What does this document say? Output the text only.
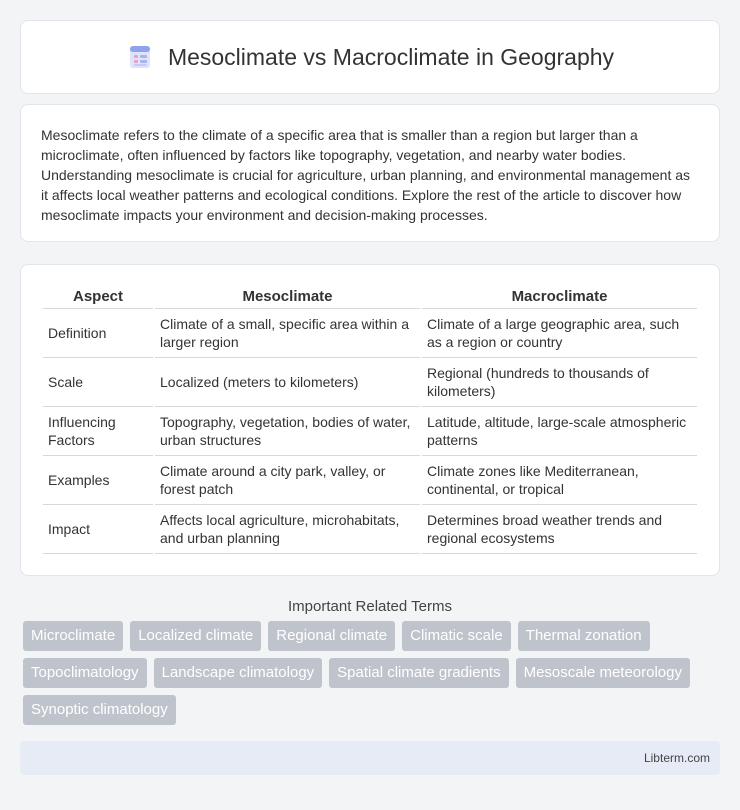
Mesoclimate vs Macroclimate in Geography

Mesoclimate refers to the climate of a specific area that is smaller than a region but larger than a microclimate, often influenced by factors like topography, vegetation, and nearby water bodies. Understanding mesoclimate is crucial for agriculture, urban planning, and environmental management as it affects local weather patterns and ecological conditions. Explore the rest of the article to discover how mesoclimate impacts your environment and decision-making processes.

Aspect	Mesoclimate	Macroclimate
Definition	Climate of a small, specific area within a larger region	Climate of a large geographic area, such as a region or country
Scale	Localized (meters to kilometers)	Regional (hundreds to thousands of kilometers)
Influencing Factors	Topography, vegetation, bodies of water, urban structures	Latitude, altitude, large-scale atmospheric patterns
Examples	Climate around a city park, valley, or forest patch	Climate zones like Mediterranean, continental, or tropical
Impact	Affects local agriculture, microhabitats, and urban planning	Determines broad weather trends and regional ecosystems
Important Related Terms
Microclimate	Localized climate	Regional climate	Climatic scale	Thermal zonation
Topoclimatology	Landscape climatology	Spatial climate gradients	Mesoscale meteorology
Synoptic climatology
Libterm.com
